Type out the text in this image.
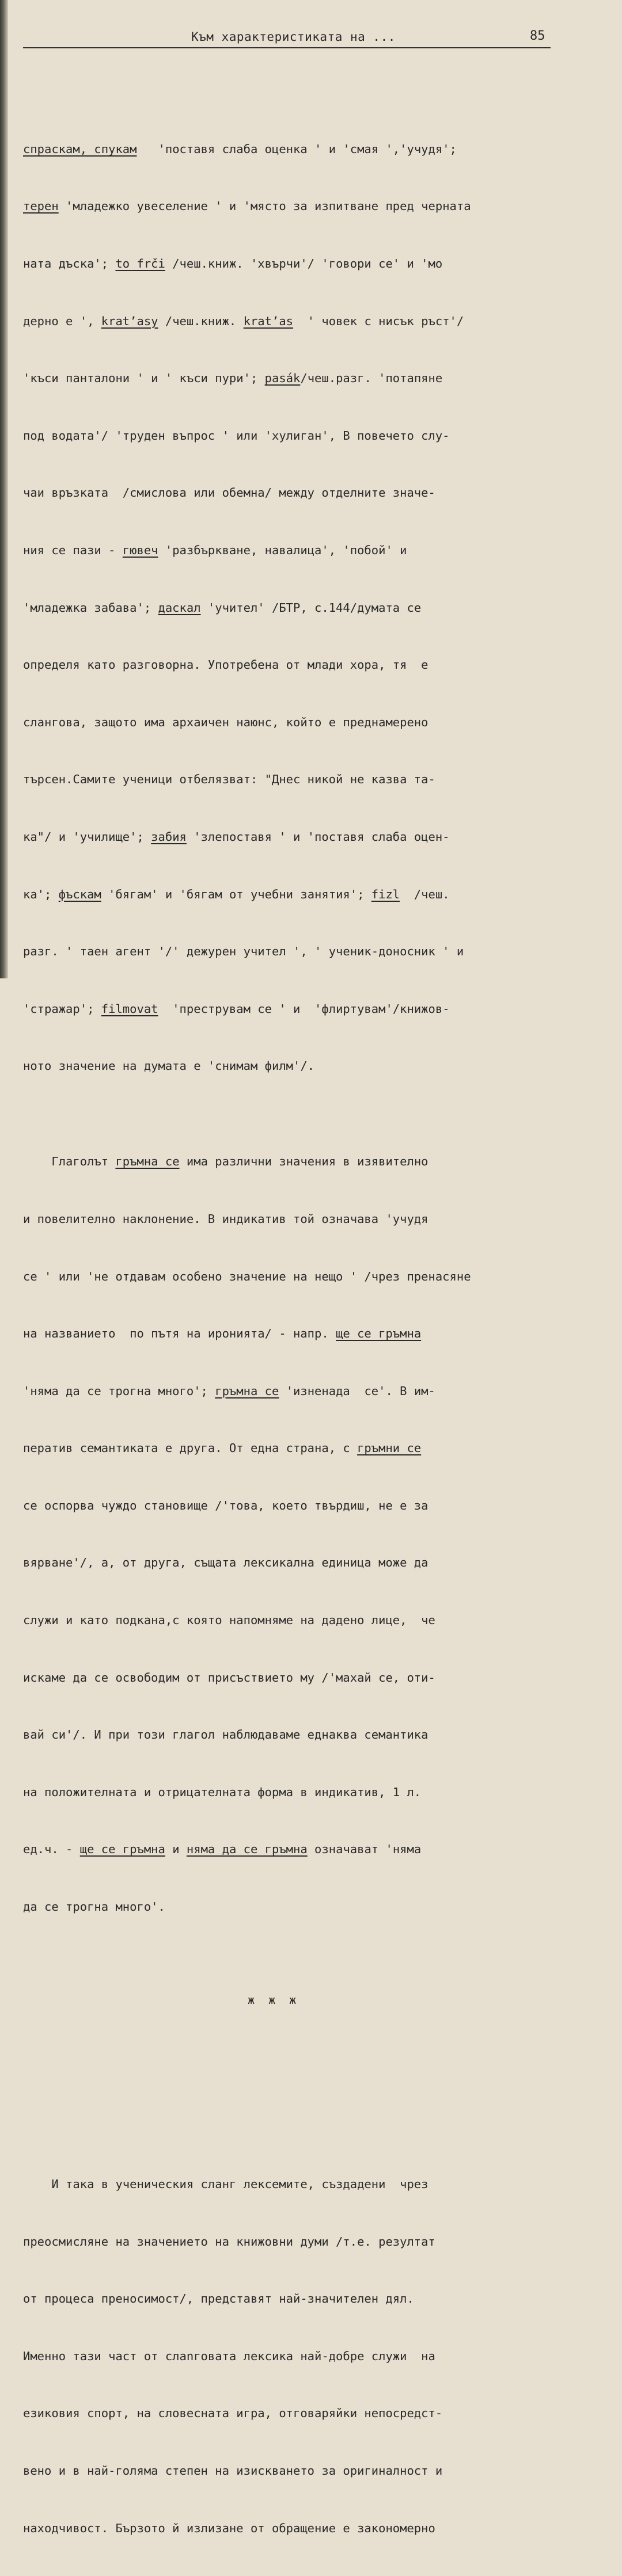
Към характеристиката на ...	85

спраскам, спукам   'поставя слаба оценка ' и 'смая ','учудя';

терен 'младежко увеселение ' и 'място за изпитване пред черната

ната дъска'; to frči /чеш.книж. 'хвърчи'/ 'говори се' и 'мо

дерно е ', kratʼasy /чеш.книж. kratʼas  ' човек с нисък ръст'/

'къси панталони ' и ' къси пури'; pasák/чеш.разг. 'потапяне

под водата'/ 'труден въпрос ' или 'хулиган', В повечето слу-

чаи връзката  /смислова или обемна/ между отделните значе-

ния се пази - гювеч 'разбъркване, навалица', 'побой' и

'младежка забава'; даскал 'учител' /БТР, с.144/думата се

определя като разговорна. Употребена от млади хора, тя  е

слангова, защото има архаичен наюнс, който е преднамерено

търсен.Самите ученици отбелязват: "Днес никой не казва та-

ка"/ и 'училище'; забия 'злепоставя ' и 'поставя слаба оцен-

ка'; фъскам 'бягам' и 'бягам от учебни занятия'; fizl  /чеш.

разг. ' таен агент '/' дежурен учител ', ' ученик-доносник ' и

'стражар'; filmovat  'преструвам се ' и  'флиртувам'/книжов-

ното значение на думата е 'снимам филм'/.

Глаголът гръмна се има различни значения в изявително

и повелително наклонение. В индикатив той означава 'учудя

се ' или 'не отдавам особено значение на нещо ' /чрез пренасяне

на названието  по пътя на иронията/ - напр. ще се гръмна

'няма да се трогна много'; гръмна се 'изненада  се'. В им-

ператив семантиката е друга. От една страна, с гръмни се

се оспорва чуждо становище /'това, което твърдиш, не е за

вярване'/, а, от друга, същата лексикална единица може да

служи и като подкана,с която напомняме на дадено лице,  че

искаме да се освободим от присъствието му /'махай се, оти-

вай си'/. И при този глагол наблюдаваме еднаква семантика

на положителната и отрицателната форма в индикатив, 1 л.

ед.ч. - ще се гръмна и няма да се гръмна означават 'няма

да се трогна много'.

ж ж ж

И така в ученическия сланг лексемите, създадени  чрез

преосмисляне на значението на книжовни думи /т.е. резултат

от процеса преносимост/, представят най-значителен дял.

Именно тази част от слanговата лексика най-добре служи  на

езиковия спорт, на словесната игра, отговаряйки непосредст-

вено и в най-голяма степен на изискването за оригиналност и

находчивост. Бързото й излизане от обращение е закономерно
